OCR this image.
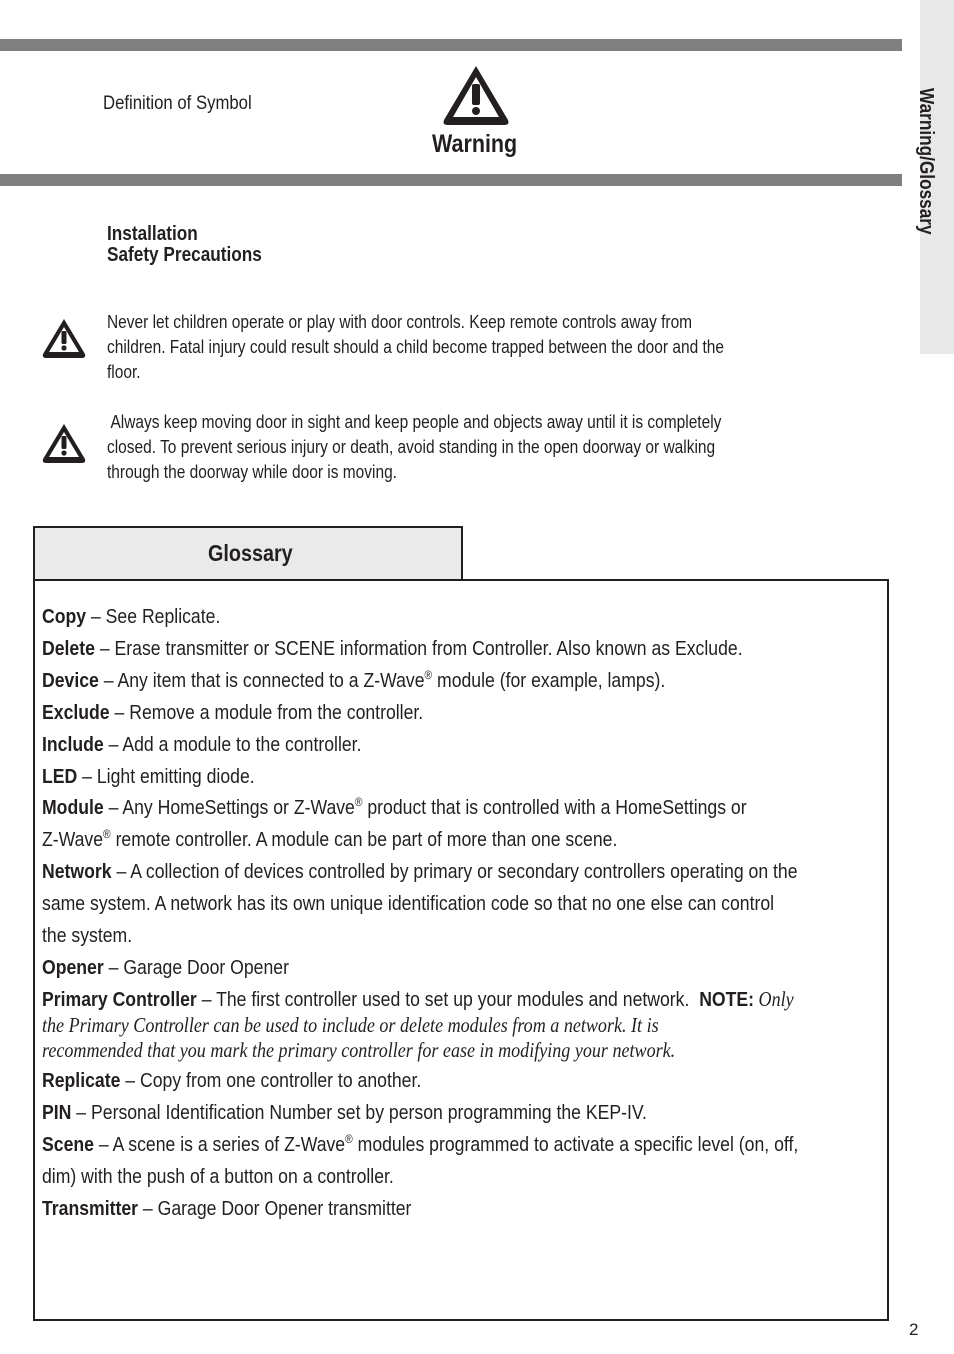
Warning/Glossary
Definition of Symbol
Warning
Installation
Safety Precautions
Never let children operate or play with door controls. Keep remote controls away from
children. Fatal injury could result should a child become trapped between the door and the
floor.
Always keep moving door in sight and keep people and objects away until it is completely
closed. To prevent serious injury or death, avoid standing in the open doorway or walking
through the doorway while door is moving.
Glossary
Copy – See Replicate.
Delete – Erase transmitter or SCENE information from Controller. Also known as Exclude.
Device – Any item that is connected to a Z-Wave® module (for example, lamps).
Exclude – Remove a module from the controller.
Include – Add a module to the controller.
LED – Light emitting diode.
Module – Any HomeSettings or Z-Wave® product that is controlled with a HomeSettings or
Z-Wave® remote controller. A module can be part of more than one scene.
Network – A collection of devices controlled by primary or secondary controllers operating on the
same system. A network has its own unique identification code so that no one else can control
the system.
Opener – Garage Door Opener
Primary Controller – The first controller used to set up your modules and network.  NOTE: Only
the Primary Controller can be used to include or delete modules from a network. It is
recommended that you mark the primary controller for ease in modifying your network.
Replicate – Copy from one controller to another.
PIN – Personal Identification Number set by person programming the KEP-IV.
Scene – A scene is a series of Z-Wave® modules programmed to activate a specific level (on, off,
dim) with the push of a button on a controller.
Transmitter – Garage Door Opener transmitter
2
